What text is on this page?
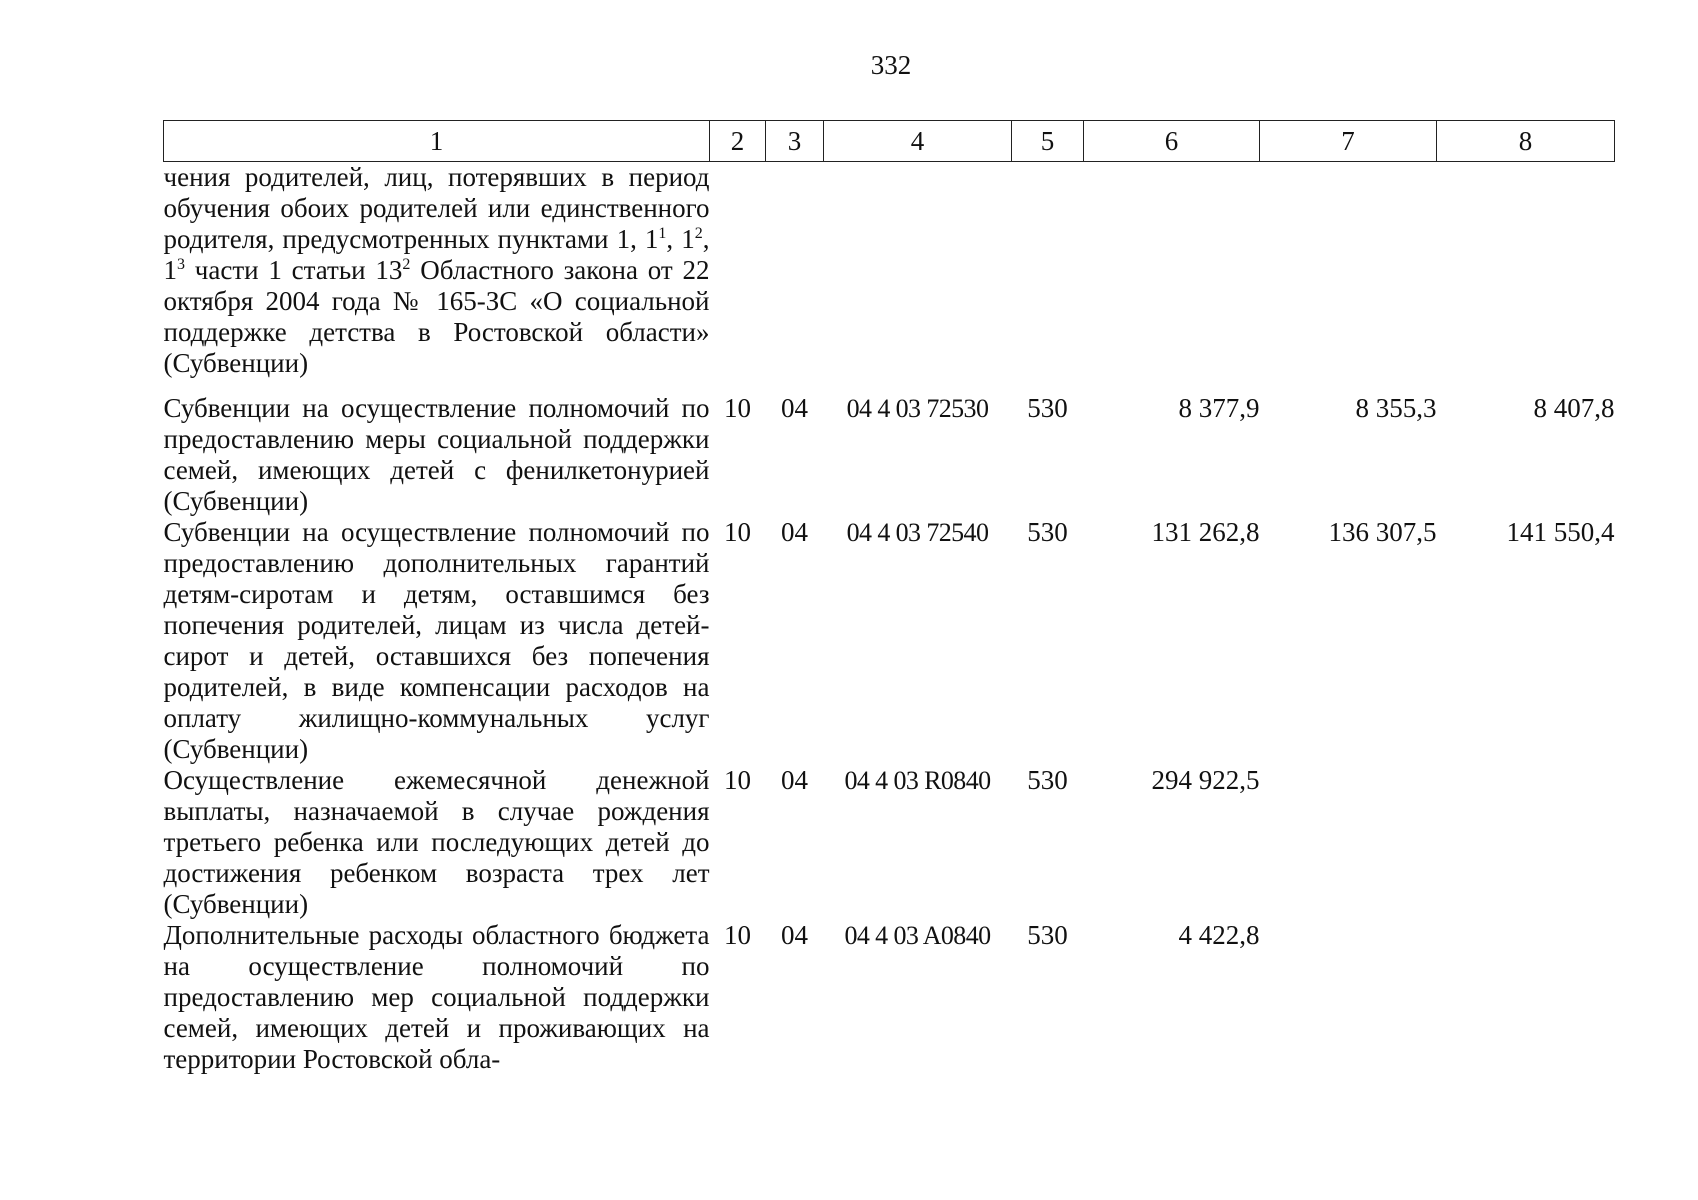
332
1	2	3	4	5	6	7	8
чения родителей, лиц, потерявших в период обучения обоих родителей или единственного родителя, предусмотренных пунктами 1, $1^1$, $1^2$, $1^3$ части 1 статьи $13^2$ Областного закона от 22 октября 2004 года № 165-ЗС «О социальной поддержке детства в Ростовской области» (Субвенции)							
Субвенции на осуществление полномочий по предоставлению меры социальной поддержки семей, имеющих детей с фенилкетонурией (Субвенции)	10	04	04 4 03 72530	530	8 377,9	8 355,3	8 407,8
Субвенции на осуществление полномочий по предоставлению дополнительных гарантий детям-сиротам и детям, оставшимся без попечения родителей, лицам из числа детей-сирот и детей, оставшихся без попечения родителей, в виде компенсации расходов на оплату жилищно-коммунальных услуг (Субвенции)	10	04	04 4 03 72540	530	131 262,8	136 307,5	141 550,4
Осуществление ежемесячной денежной выплаты, назначаемой в случае рождения третьего ребенка или последующих детей до достижения ребенком возраста трех лет (Субвенции)	10	04	04 4 03 R0840	530	294 922,5		
Дополнительные расходы областного бюджета на осуществление полномочий по предоставлению мер социальной поддержки семей, имеющих детей и проживающих на территории Ростовской обла-	10	04	04 4 03 A0840	530	4 422,8		
